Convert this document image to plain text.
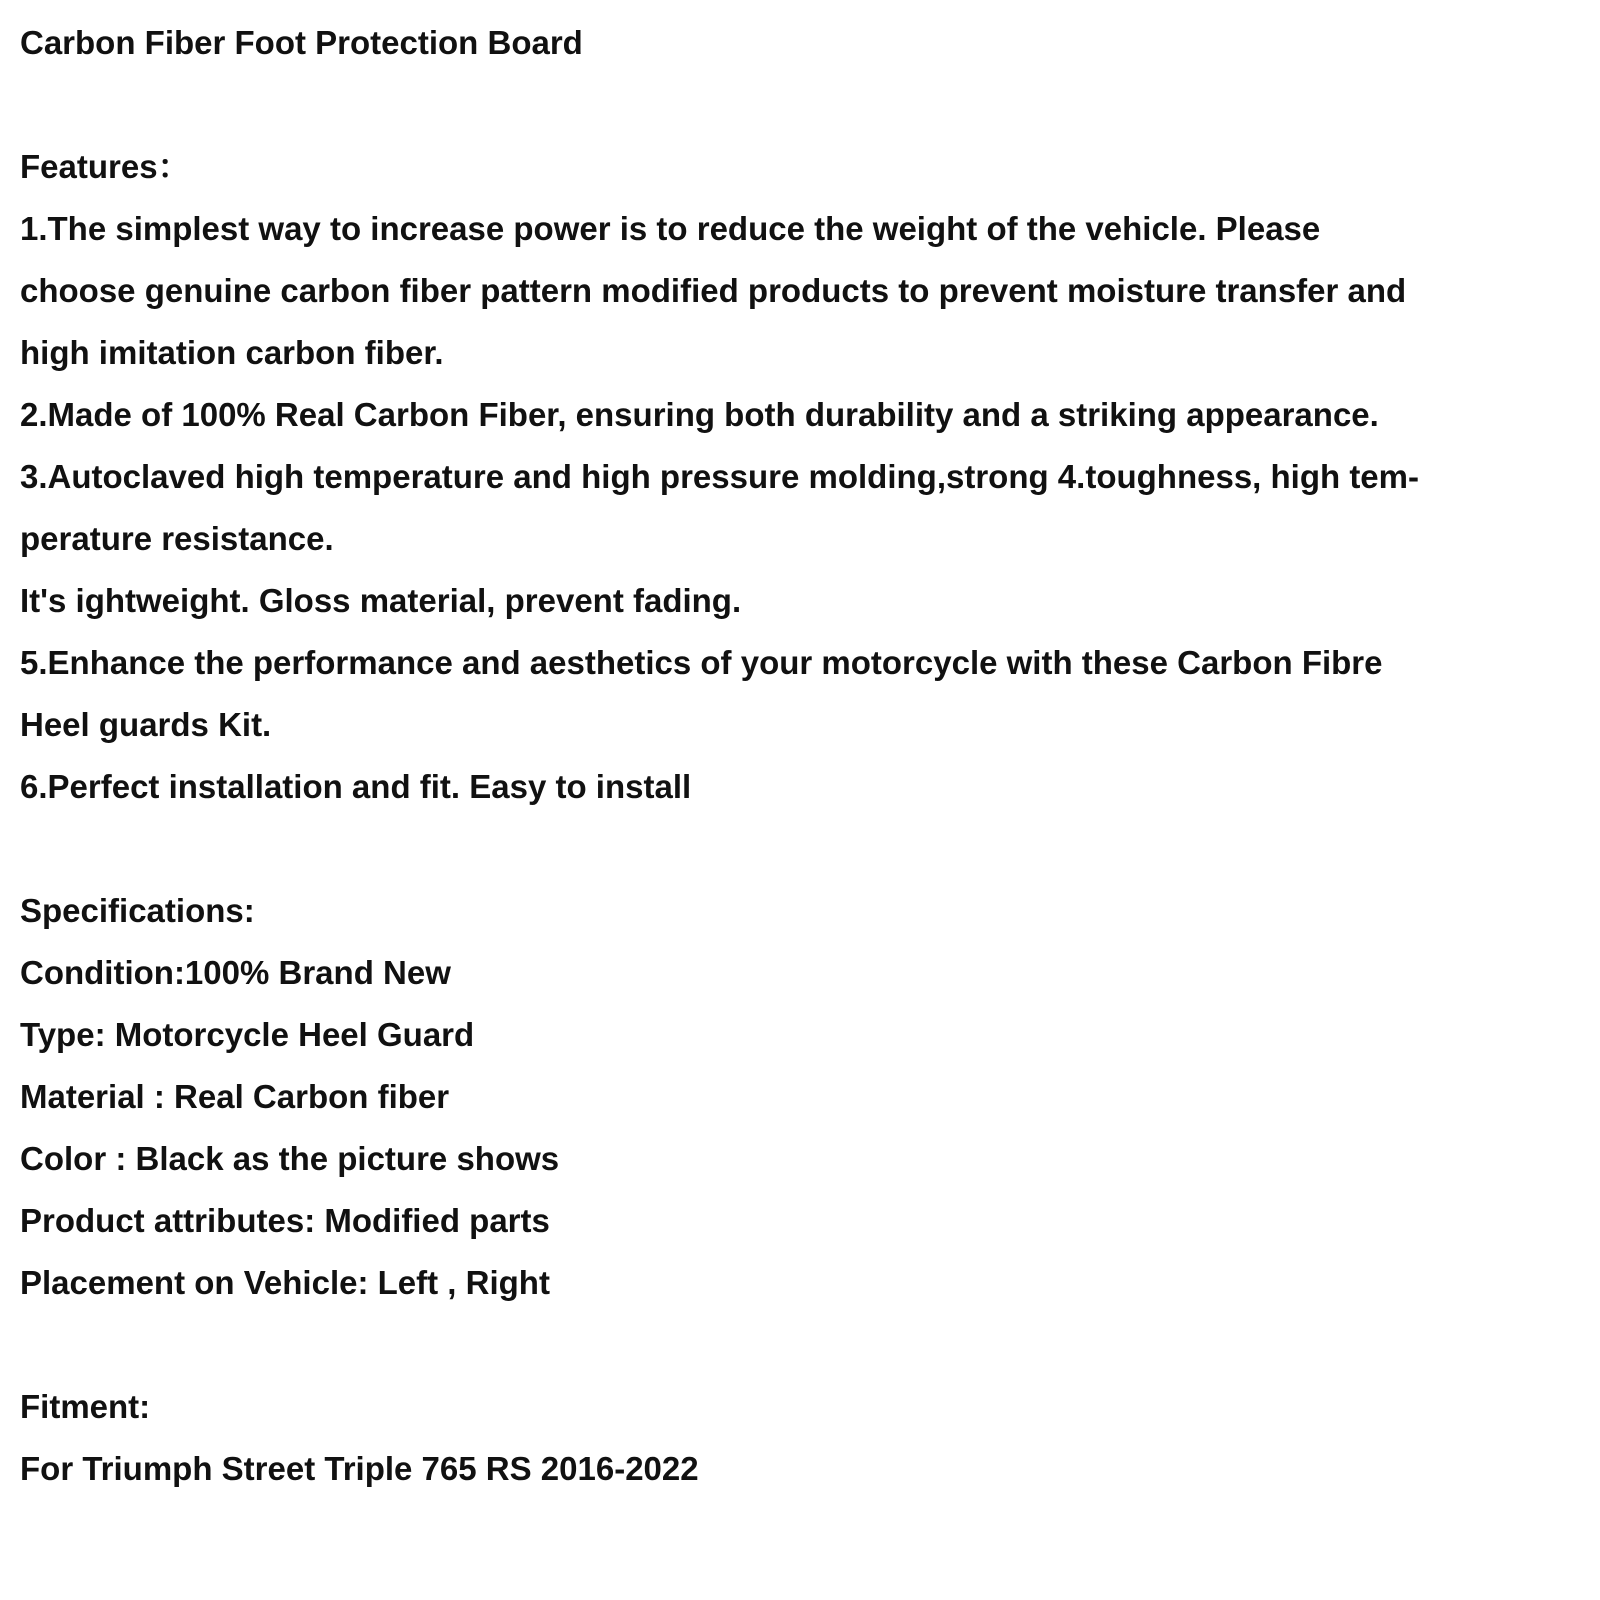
Carbon Fiber Foot Protection Board

Features：

1.The simplest way to increase power is to reduce the weight of the vehicle. Please

choose genuine carbon fiber pattern modified products to prevent moisture transfer and

high imitation carbon fiber.

2.Made of 100% Real Carbon Fiber, ensuring both durability and a striking appearance.

3.Autoclaved high temperature and high pressure molding,strong 4.toughness, high tem-

perature resistance.

It's ightweight. Gloss material, prevent fading.

5.Enhance the performance and aesthetics of your motorcycle with these Carbon Fibre

Heel guards Kit.

6.Perfect installation and fit. Easy to install

Specifications:

Condition:100% Brand New

Type: Motorcycle Heel Guard

Material : Real Carbon fiber

Color : Black as the picture shows

Product attributes: Modified parts

Placement on Vehicle: Left , Right

Fitment:

For Triumph Street Triple 765 RS 2016-2022
